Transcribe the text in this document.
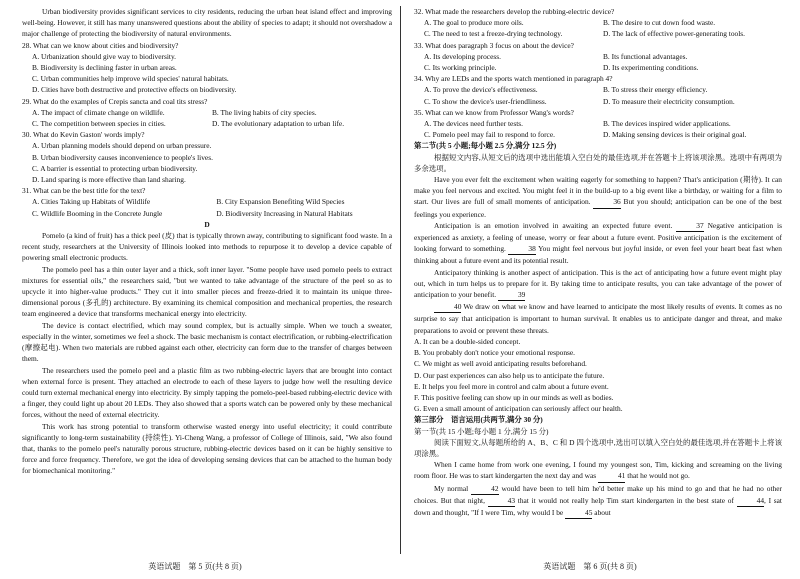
Urban biodiversity provides significant services to city residents, reducing the urban heat island effect and improving well-being. However, it still has many unanswered questions about the ability of species to adapt; it should not overshadow a major challenge of protecting the biodiversity of natural environments.

28. What can we know about cities and biodiversity?

A. Urbanization should give way to biodiversity.

B. Biodiversity is declining faster in urban areas.

C. Urban communities help improve wild species' natural habitats.

D. Cities have both destructive and protective effects on biodiversity.

29. What do the examples of Crepis sancta and coal tits stress?

A. The impact of climate change on wildlife.	B. The living habits of city species.
C. The competition between species in cities.	D. The evolutionary adaptation to urban life.

30. What do Kevin Gaston' words imply?

A. Urban planning models should depend on urban pressure.

B. Urban biodiversity causes inconvenience to people's lives.

C. A barrier is essential to protecting urban biodiversity.

D. Land sparing is more effective than land sharing.

31. What can be the best title for the text?

A. Cities Taking up Habitats of Wildlife	B. City Expansion Benefiting Wild Species
C. Wildlife Booming in the Concrete Jungle	D. Biodiversity Increasing in Natural Habitats

D

Pomelo (a kind of fruit) has a thick peel (皮) that is typically thrown away, contributing to significant food waste. In a recent study, researchers at the University of Illinois looked into methods to repurpose it to develop a device capable of powering small electronic products.

The pomelo peel has a thin outer layer and a thick, soft inner layer. "Some people have used pomelo peels to extract mixtures for essential oils," the researchers said, "but we wanted to take advantage of the structure of the peel so as to upcycle it into higher-value products." They cut it into smaller pieces and freeze-dried it to maintain its unique three-dimensional porous (多孔的) architecture. By examining its chemical composition and mechanical properties, the research team engineered a device that transforms mechanical energy into electricity.

The device is contact electrified, which may sound complex, but is actually simple. When we touch a sweater, especially in the winter, sometimes we feel a shock. The basic mechanism is contact electrification, or rubbing-electrification (摩擦起电). When two materials are rubbed against each other, electricity can form due to the transfer of charges between them.

The researchers used the pomelo peel and a plastic film as two rubbing-electric layers that are brought into contact when external force is present. They attached an electrode to each of these layers to judge how well the resulting device could turn external mechanical energy into electricity. By simply tapping the pomelo-peel-based rubbing-electric device with a finger, they could light up about 20 LEDs. They also showed that a sports watch can be powered only by these mechanical forces, without the need of external electricity.

This work has strong potential to transform otherwise wasted energy into useful electricity; it could contribute significantly to long-term sustainability (持续性). Yi-Cheng Wang, a professor of College of Illinois, said, "We also found that, thanks to the pomelo peel's naturally porous structure, rubbing-electric devices based on it can be highly sensitive to force and force frequency. Therefore, we got the idea of developing sensing devices that can be attached to the human body for biomechanical monitoring."

32. What made the researchers develop the rubbing-electric device?

A. The goal to produce more oils.	B. The desire to cut down food waste.
C. The need to test a freeze-drying technology.	D. The lack of effective power-generating tools.

33. What does paragraph 3 focus on about the device?

A. Its developing process.	B. Its functional advantages.
C. Its working principle.	D. Its experimenting conditions.

34. Why are LEDs and the sports watch mentioned in paragraph 4?

A. To prove the device's effectiveness.	B. To stress their energy efficiency.
C. To show the device's user-friendliness.	D. To measure their electricity consumption.

35. What can we know from Professor Wang's words?

A. The devices need further tests.	B. The devices inspired wider applications.
C. Pomelo peel may fail to respond to force.	D. Making sensing devices is their original goal.

第二节(共 5 小题;每小题 2.5 分,满分 12.5 分)

根据短文内容,从短文后的选项中选出能填入空白处的最佳选项,并在答题卡上将该项涂黑。选项中有两项为多余选项。

Have you ever felt the excitement when waiting eagerly for something to happen? That's anticipation (期待). It can make you feel nervous and excited. You might feel it in the build-up to a big event like a birthday, or waiting for a film to start. Our lives are full of small moments of anticipation.	36 But you should; anticipation can be one of the best feelings you experience.

Anticipation is an emotion involved in awaiting an expected future event.	37 Negative anticipation is experienced as anxiety, a feeling of unease, worry or fear about a future event. Positive anticipation is the excitement of looking forward to something.	38 You might feel nervous but joyful inside, or even feel your heart beat fast when thinking about a future event and its potential result.

Anticipatory thinking is another aspect of anticipation. This is the act of anticipating how a future event might play out, which in turn helps us to prepare for it. By taking time to anticipate results, you can take advantage of the power of anticipation to your benefit.	39

40 We draw on what we know and have learned to anticipate the most likely results of events. It comes as no surprise to say that anticipation is important to human survival. It enables us to anticipate danger and threat, and make preparations to avoid or prevent these threats.

A. It can be a double-sided concept.

B. You probably don't notice your emotional response.

C. We might as well avoid anticipating results beforehand.

D. Our past experiences can also help us to anticipate the future.

E. It helps you feel more in control and calm about a future event.

F. This positive feeling can show up in our minds as well as bodies.

G. Even a small amount of anticipation can seriously affect our health.

第三部分　语言运用(共两节,满分 30 分)

第一节(共 15 小题;每小题 1 分,满分 15 分)

阅读下面短文,从每题所给的 A、B、C 和 D 四个选项中,选出可以填入空白处的最佳选项,并在答题卡上将该项涂黑。

When I came home from work one evening, I found my youngest son, Tim, kicking and screaming on the living room floor. He was to start kindergarten the next day and was	41 that he would not go.

My normal	42 would have been to tell him he'd better make up his mind to go and that he had no other choices. But that night,	43 that it would not really help Tim start kindergarten in the best state of	44, I sat down and thought, "If I were Tim, why would I be	45 about

英语试题　第 5 页(共 8 页)	英语试题　第 6 页(共 8 页)
